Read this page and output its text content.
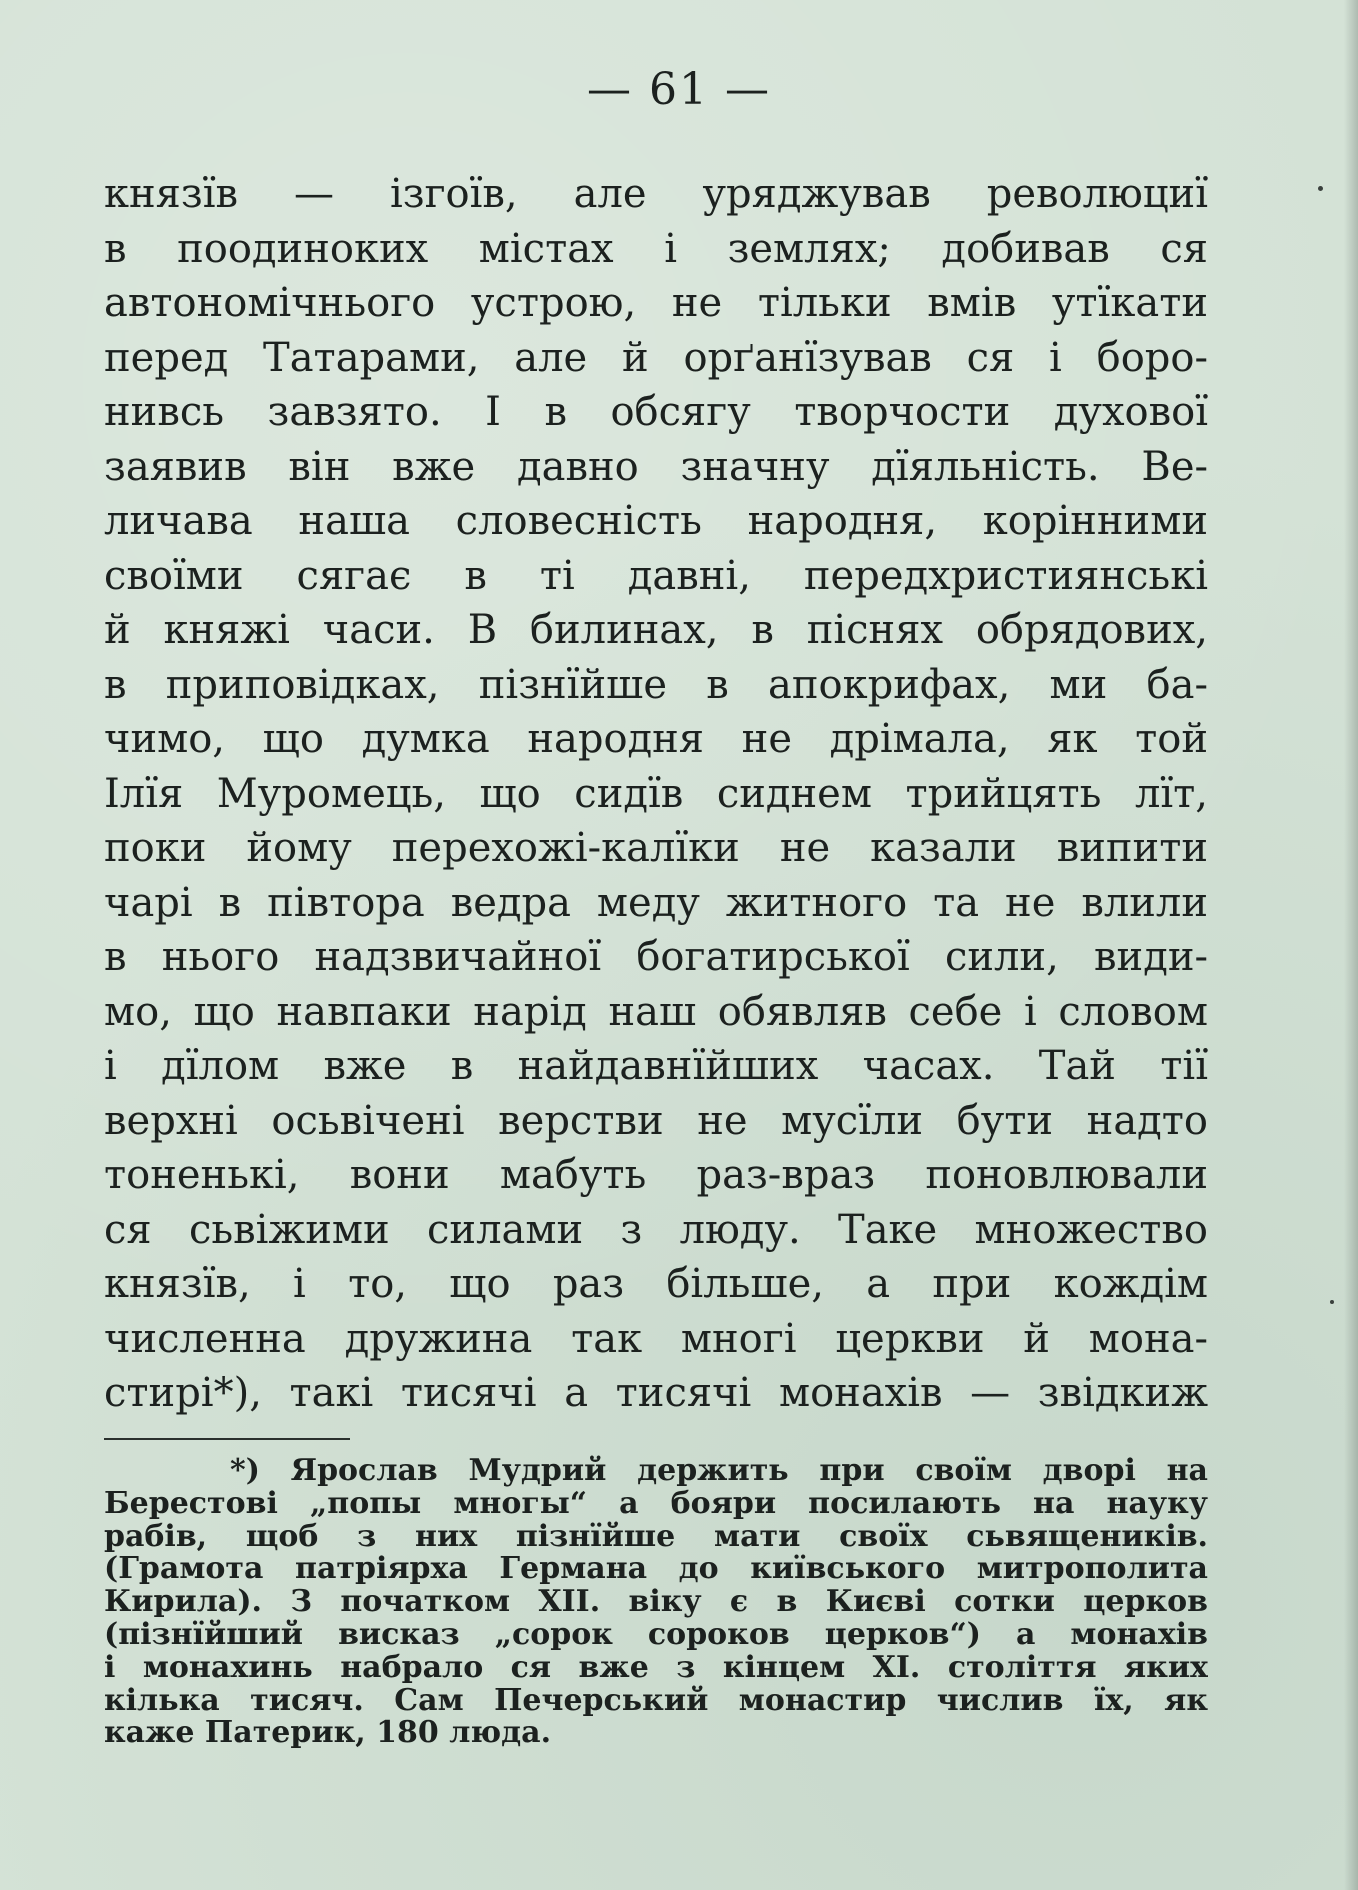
— 61 —
князїв — ізгоїв, але уряджував революциї
в поодиноких містах і землях; добивав ся
автономічнього устрою, не тільки вмів утїкати
перед Татарами, але й орґанїзував ся і боро-
нивсь завзято. І в обсягу творчости духової
заявив він вже давно значну дїяльність. Ве-
личава наша словесність народня, корінними
своїми сягає в ті давні, передхристиянські
й княжі часи. В билинах, в піснях обрядових,
в приповідках, пізнїйше в апокрифах, ми ба-
чимо, що думка народня не дрімала, як той
Ілїя Муромець, що сидїв сиднем трийцять лїт,
поки йому перехожі-калїки не казали випити
чарі в півтора ведра меду житного та не влили
в нього надзвичайної богатирської сили, види-
мо, що навпаки нарід наш обявляв себе і словом
і дїлом вже в найдавнїйших часах. Тай тії
верхні осьвічені верстви не мусїли бути надто
тоненькі, вони мабуть раз-враз поновлювали
ся сьвіжими силами з люду. Таке множество
князїв, і то, що раз більше, а при кождім
численна дружина так многі церкви й мона-
стирі*), такі тисячі а тисячі монахів — звідкиж
*) Ярослав Мудрий держить при своїм дворі на
Берестові „попы многы“ а бояри посилають на науку
рабів, щоб з них пізнїйше мати своїх сьвящеників.
(Грамота патріярха Германа до київського митрополита
Кирила). З початком XII. віку є в Києві сотки церков
(пізнїйший висказ „сорок сороков церков“) а монахів
і монахинь набрало ся вже з кінцем XI. століття яких
кілька тисяч. Сам Печерський монастир числив їх, як
каже Патерик, 180 люда.
